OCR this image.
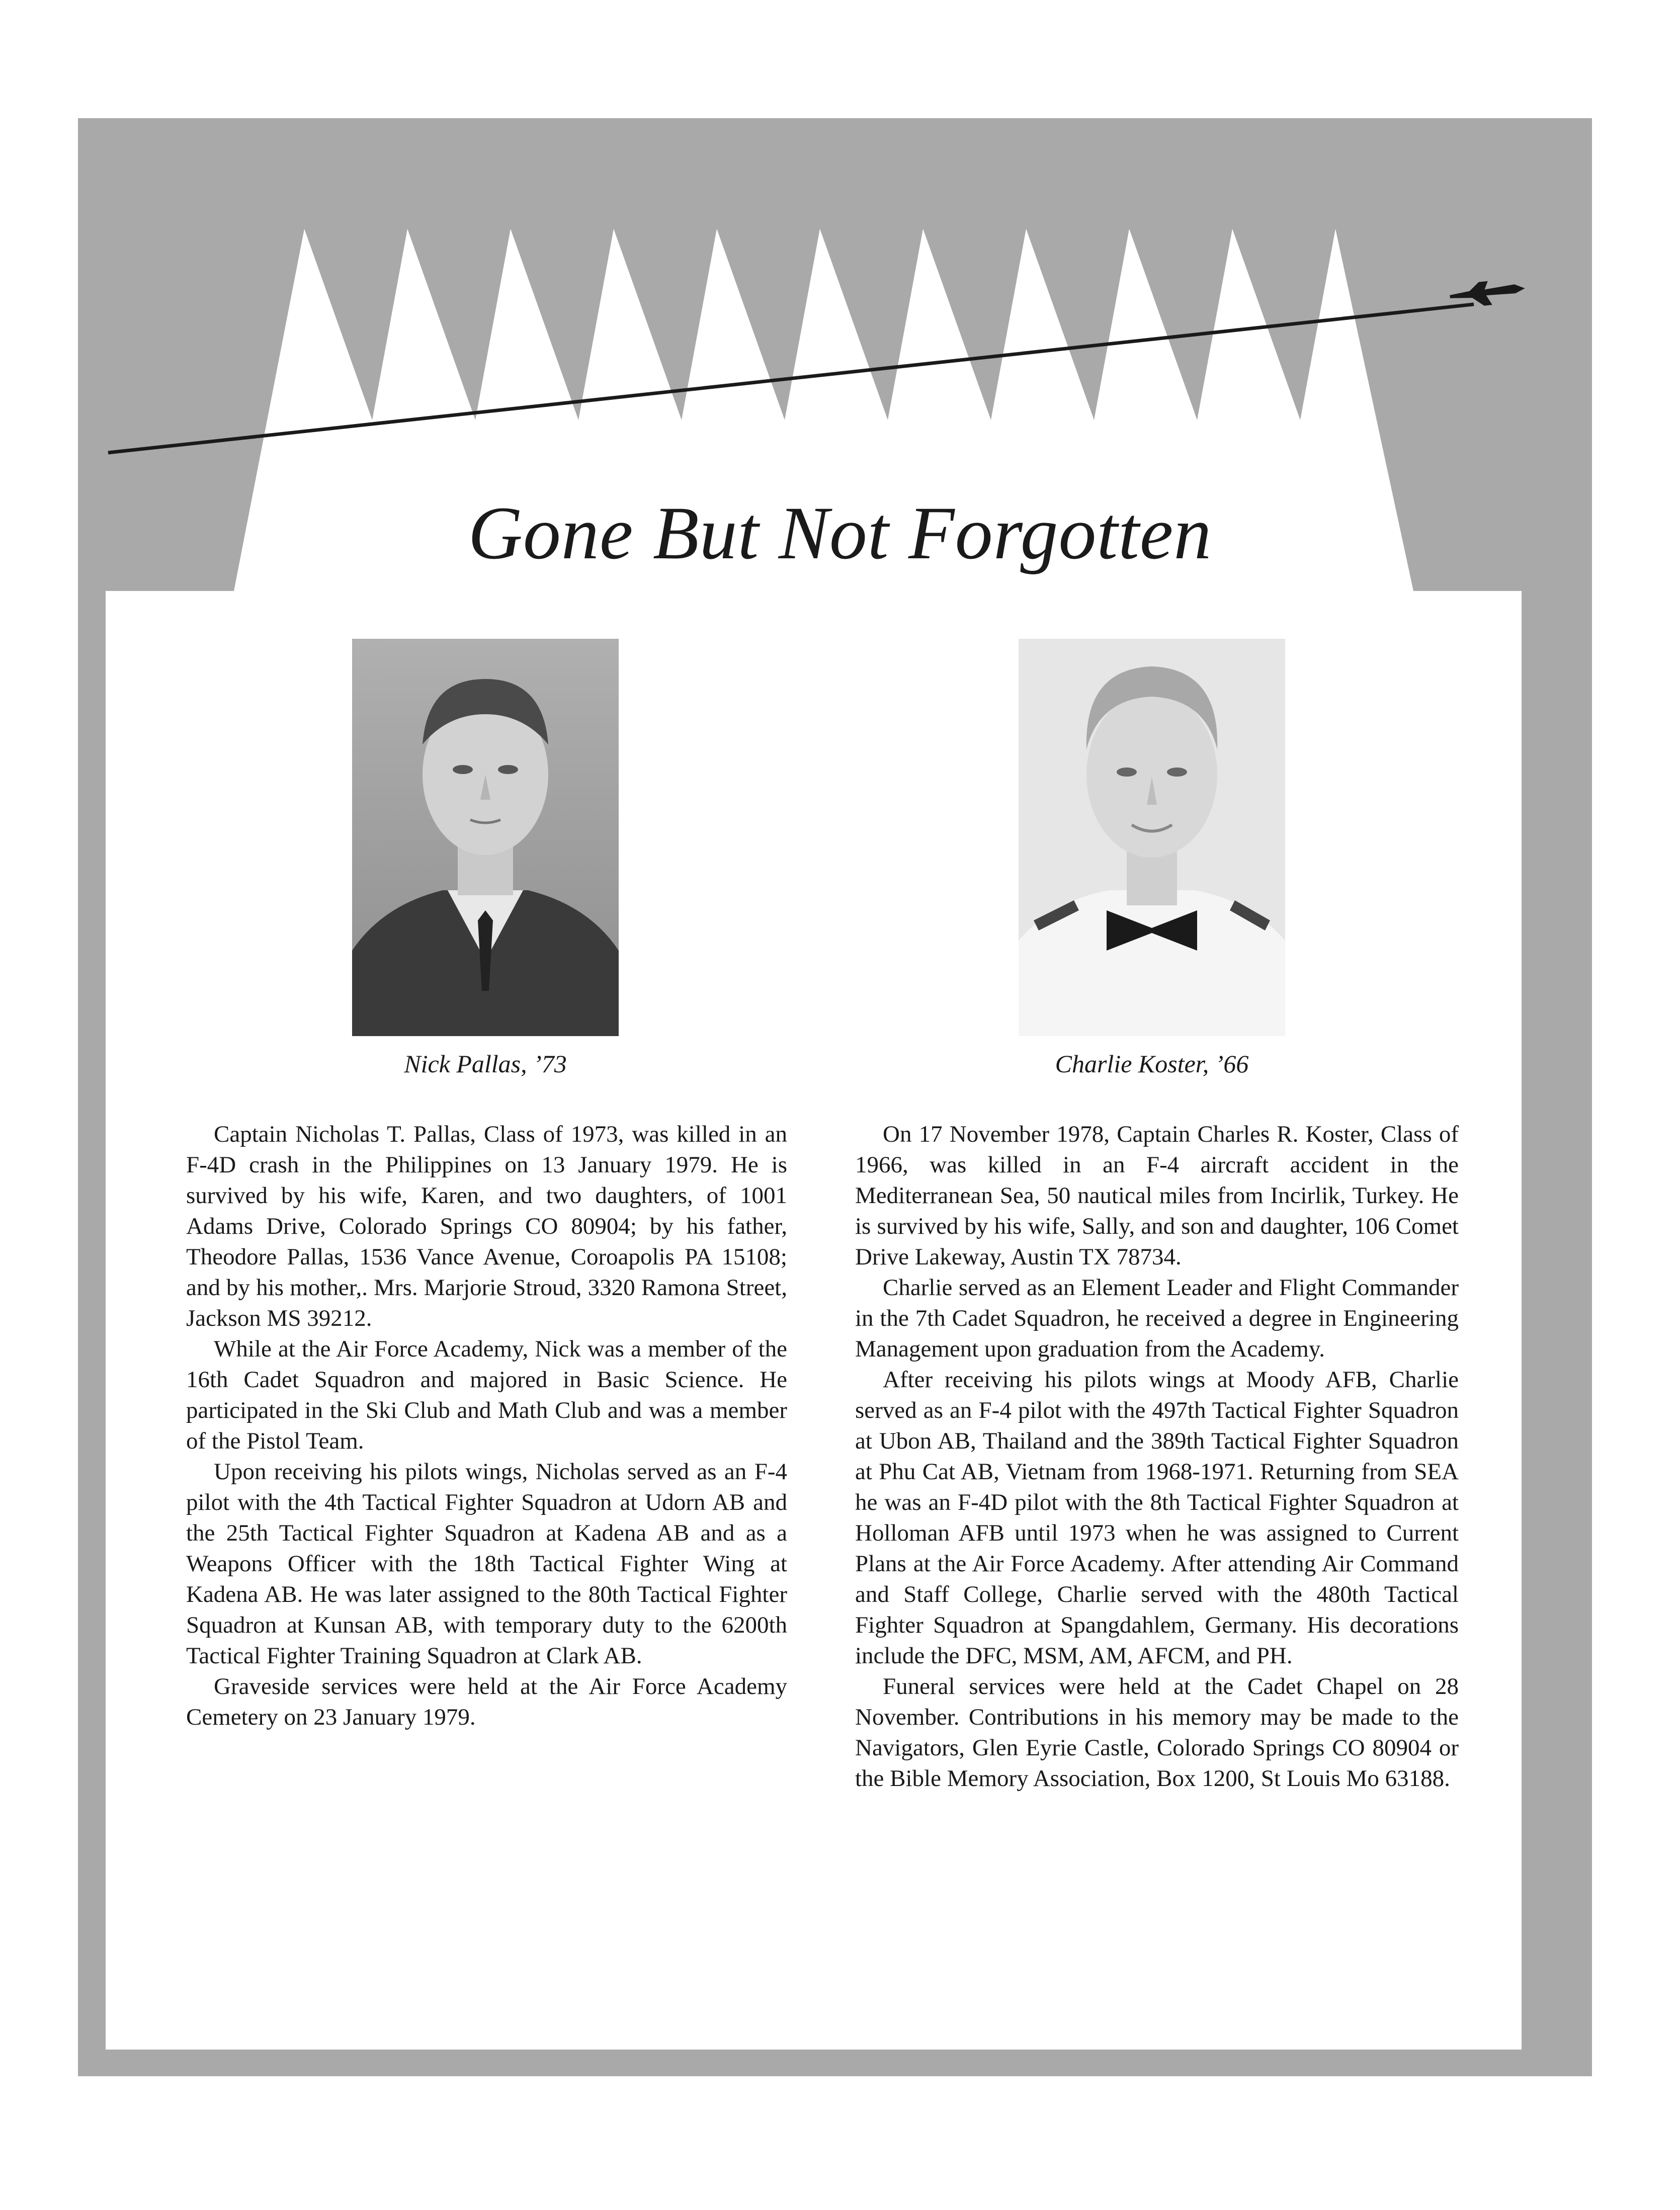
Gone But Not Forgotten
Nick Pallas, ’73	Charlie Koster, ’66

Captain Nicholas T. Pallas, Class of 1973, was killed in an F-4D crash in the Philippines on 13 January 1979. He is survived by his wife, Karen, and two daughters, of 1001 Adams Drive, Colorado Springs CO 80904; by his father, Theodore Pallas, 1536 Vance Avenue, Coroapolis PA 15108; and by his mother,. Mrs. Marjorie Stroud, 3320 Ramona Street, Jackson MS 39212.

While at the Air Force Academy, Nick was a member of the 16th Cadet Squadron and majored in Basic Science. He participated in the Ski Club and Math Club and was a member of the Pistol Team.

Upon receiving his pilots wings, Nicholas served as an F-4 pilot with the 4th Tactical Fighter Squadron at Udorn AB and the 25th Tactical Fighter Squadron at Kadena AB and as a Weapons Officer with the 18th Tactical Fighter Wing at Kadena AB. He was later assigned to the 80th Tactical Fighter Squadron at Kunsan AB, with temporary duty to the 6200th Tactical Fighter Training Squadron at Clark AB.

Graveside services were held at the Air Force Academy Cemetery on 23 January 1979.

On 17 November 1978, Captain Charles R. Koster, Class of 1966, was killed in an F-4 aircraft accident in the Mediterranean Sea, 50 nautical miles from Incirlik, Turkey. He is survived by his wife, Sally, and son and daughter, 106 Comet Drive Lakeway, Austin TX 78734.

Charlie served as an Element Leader and Flight Commander in the 7th Cadet Squadron, he received a degree in Engineering Management upon graduation from the Academy.

After receiving his pilots wings at Moody AFB, Charlie served as an F-4 pilot with the 497th Tactical Fighter Squadron at Ubon AB, Thailand and the 389th Tactical Fighter Squadron at Phu Cat AB, Vietnam from 1968-1971. Returning from SEA he was an F-4D pilot with the 8th Tactical Fighter Squadron at Holloman AFB until 1973 when he was assigned to Current Plans at the Air Force Academy. After attending Air Command and Staff College, Charlie served with the 480th Tactical Fighter Squadron at Spangdahlem, Germany. His decorations include the DFC, MSM, AM, AFCM, and PH.

Funeral services were held at the Cadet Chapel on 28 November. Contributions in his memory may be made to the Navigators, Glen Eyrie Castle, Colorado Springs CO 80904 or the Bible Memory Association, Box 1200, St Louis Mo 63188.
